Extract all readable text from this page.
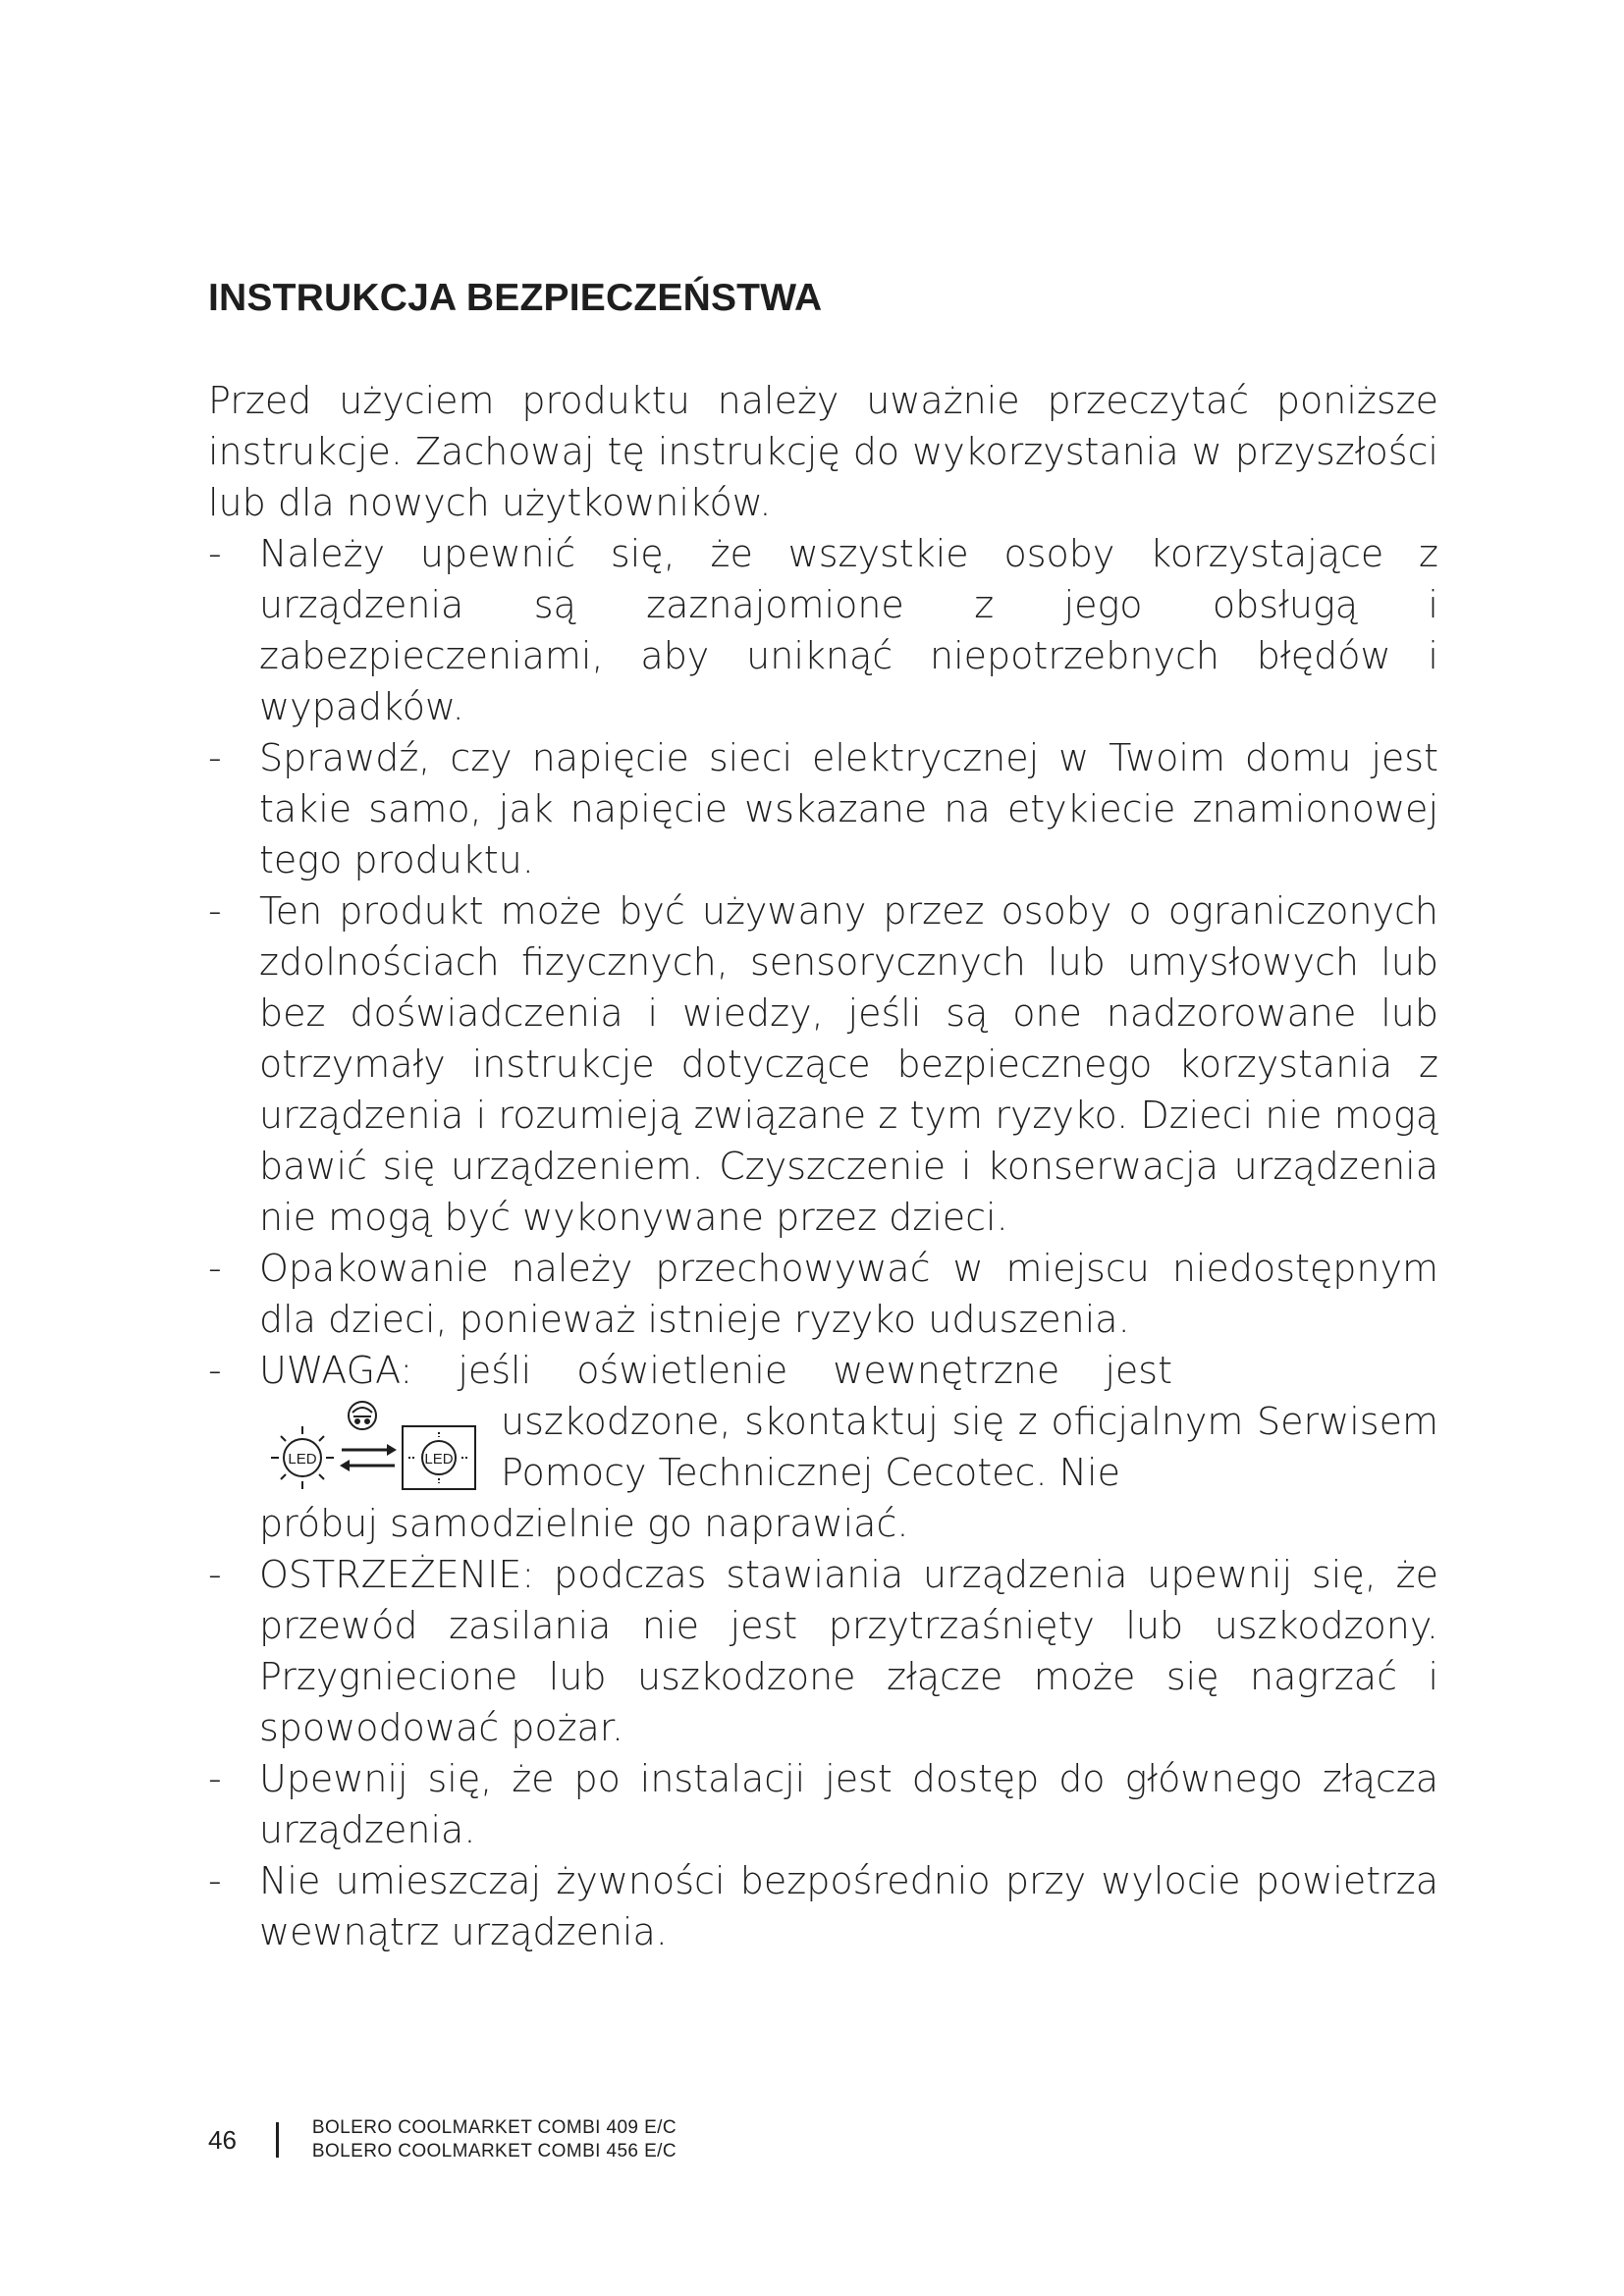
INSTRUKCJA BEZPIECZEŃSTWA

Przed użyciem produktu należy uważnie przeczytać poniższe instrukcje. Zachowaj tę instrukcję do wykorzystania w przyszłości lub dla nowych użytkowników.

- Należy upewnić się, że wszystkie osoby korzystające z urządzenia są zaznajomione z jego obsługą i zabezpieczeniami, aby uniknąć niepotrzebnych błędów i wypadków.
- Sprawdź, czy napięcie sieci elektrycznej w Twoim domu jest takie samo, jak napięcie wskazane na etykiecie znamionowej tego produktu.
- Ten produkt może być używany przez osoby o ograniczonych zdolnościach fizycznych, sensorycznych lub umysłowych lub bez doświadczenia i wiedzy, jeśli są one nadzorowane lub otrzymały instrukcje dotyczące bezpiecznego korzystania z urządzenia i rozumieją związane z tym ryzyko. Dzieci nie mogą bawić się urządzeniem. Czyszczenie i konserwacja urządzenia nie mogą być wykonywane przez dzieci.
- Opakowanie należy przechowywać w miejscu niedostępnym dla dzieci, ponieważ istnieje ryzyko uduszenia.
- UWAGA: jeśli oświetlenie wewnętrzne jest
LED	LED
uszkodzone, skontaktuj się z oficjalnym Serwisem Pomocy Technicznej Cecotec. Nie
próbuj samodzielnie go naprawiać.
- OSTRZEŻENIE: podczas stawiania urządzenia upewnij się, że przewód zasilania nie jest przytrzaśnięty lub uszkodzony. Przygniecione lub uszkodzone złącze może się nagrzać i spowodować pożar.
- Upewnij się, że po instalacji jest dostęp do głównego złącza urządzenia.
- Nie umieszczaj żywności bezpośrednio przy wylocie powietrza wewnątrz urządzenia.
46	BOLERO COOLMARKET COMBI 409 E/C
BOLERO COOLMARKET COMBI 456 E/C
